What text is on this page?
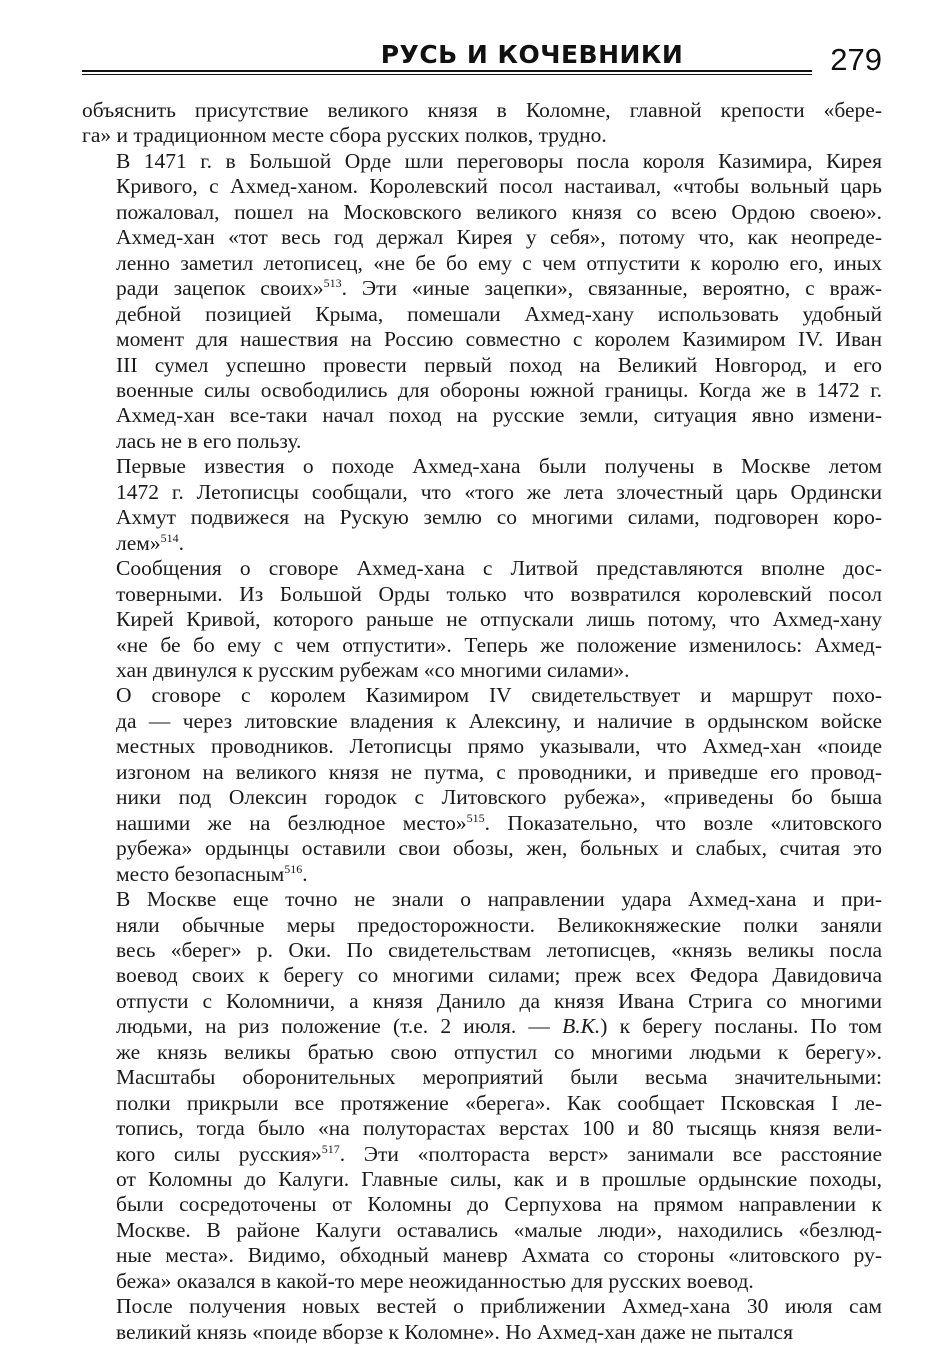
РУСЬ И КОЧЕВНИКИ	279

объяснить присутствие великого князя в Коломне, главной крепости «бере-
га» и традиционном месте сбора русских полков, трудно.

В 1471 г. в Большой Орде шли переговоры посла короля Казимира, Кирея
Кривого, с Ахмед-ханом. Королевский посол настаивал, «чтобы вольный царь
пожаловал, пошел на Московского великого князя со всею Ордою своею».
Ахмед-хан «тот весь год держал Кирея у себя», потому что, как неопреде-
ленно заметил летописец, «не бе бо ему с чем отпустити к королю его, иных
ради зацепок своих»$^{513}$. Эти «иные зацепки», связанные, вероятно, с враж-
дебной позицией Крыма, помешали Ахмед-хану использовать удобный
момент для нашествия на Россию совместно с королем Казимиром IV. Иван
III сумел успешно провести первый поход на Великий Новгород, и его
военные силы освободились для обороны южной границы. Когда же в 1472 г.
Ахмед-хан все-таки начал поход на русские земли, ситуация явно измени-
лась не в его пользу.

Первые известия о походе Ахмед-хана были получены в Москве летом
1472 г. Летописцы сообщали, что «того же лета злочестный царь Ордински
Ахмут подвижеся на Рускую землю со многими силами, подговорен коро-
лем»$^{514}$.

Сообщения о сговоре Ахмед-хана с Литвой представляются вполне дос-
товерными. Из Большой Орды только что возвратился королевский посол
Кирей Кривой, которого раньше не отпускали лишь потому, что Ахмед-хану
«не бе бо ему с чем отпустити». Теперь же положение изменилось: Ахмед-
хан двинулся к русским рубежам «со многими силами».

О сговоре с королем Казимиром IV свидетельствует и маршрут похо-
да — через литовские владения к Алексину, и наличие в ордынском войске
местных проводников. Летописцы прямо указывали, что Ахмед-хан «поиде
изгоном на великого князя не путма, с проводники, и приведше его провод-
ники под Олексин городок с Литовского рубежа», «приведены бо быша
нашими же на безлюдное место»$^{515}$. Показательно, что возле «литовского
рубежа» ордынцы оставили свои обозы, жен, больных и слабых, считая это
место безопасным$^{516}$.

В Москве еще точно не знали о направлении удара Ахмед-хана и при-
няли обычные меры предосторожности. Великокняжеские полки заняли
весь «берег» р. Оки. По свидетельствам летописцев, «князь великы посла
воевод своих к берегу со многими силами; преж всех Федора Давидовича
отпусти с Коломничи, а князя Данило да князя Ивана Стрига со многими
людьми, на риз положение (т.е. 2 июля. — В.К.) к берегу посланы. По том
же князь великы братью свою отпустил со многими людьми к берегу».
Масштабы оборонительных мероприятий были весьма значительными:
полки прикрыли все протяжение «берега». Как сообщает Псковская I ле-
топись, тогда было «на полуторастах верстах 100 и 80 тысящь князя вели-
кого силы русския»$^{517}$. Эти «полтораста верст» занимали все расстояние
от Коломны до Калуги. Главные силы, как и в прошлые ордынские походы,
были сосредоточены от Коломны до Серпухова на прямом направлении к
Москве. В районе Калуги оставались «малые люди», находились «безлюд-
ные места». Видимо, обходный маневр Ахмата со стороны «литовского ру-
бежа» оказался в какой-то мере неожиданностью для русских воевод.

После получения новых вестей о приближении Ахмед-хана 30 июля сам
великий князь «поиде вборзе к Коломне». Но Ахмед-хан даже не пытался
